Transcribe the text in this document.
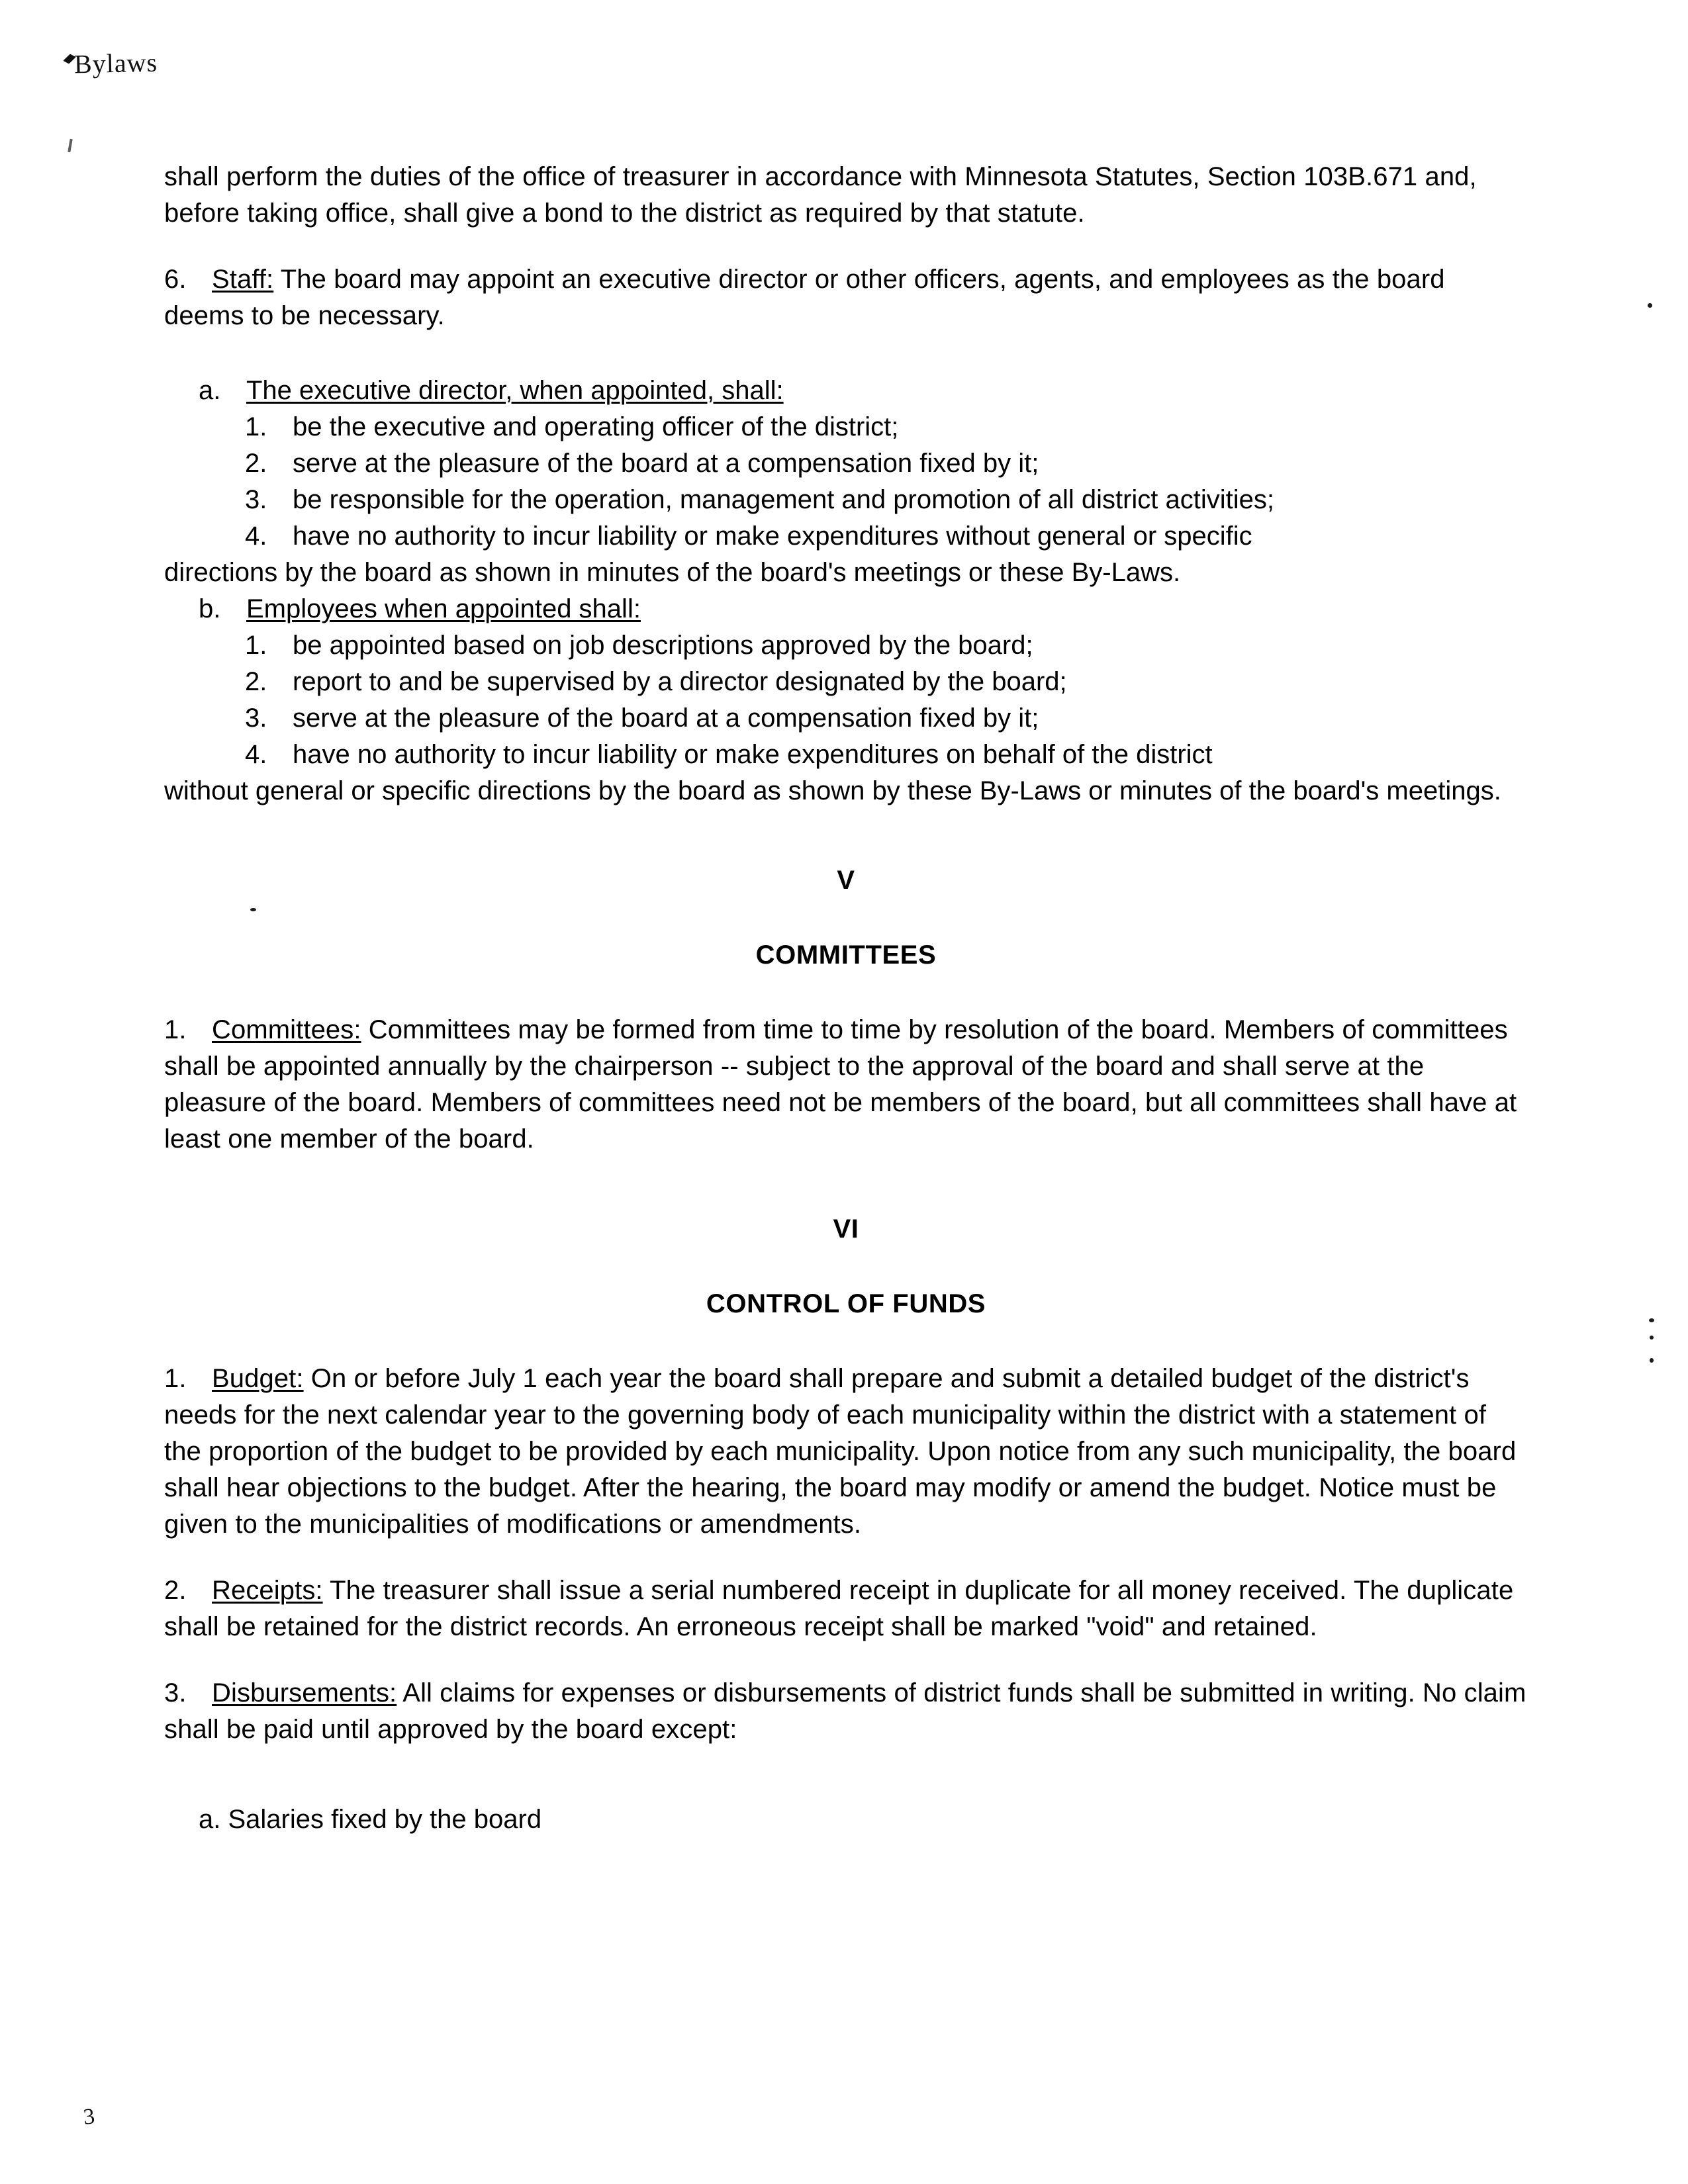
Bylaws

shall perform the duties of the office of treasurer in accordance with Minnesota Statutes, Section 103B.671 and, before taking office, shall give a bond to the district as required by that statute.

6. Staff: The board may appoint an executive director or other officers, agents, and employees as the board deems to be necessary.

a. The executive director, when appointed, shall:

1. be the executive and operating officer of the district;

2. serve at the pleasure of the board at a compensation fixed by it;

3. be responsible for the operation, management and promotion of all district activities;

4. have no authority to incur liability or make expenditures without general or specific

directions by the board as shown in minutes of the board's meetings or these By-Laws.

b. Employees when appointed shall:

1. be appointed based on job descriptions approved by the board;

2. report to and be supervised by a director designated by the board;

3. serve at the pleasure of the board at a compensation fixed by it;

4. have no authority to incur liability or make expenditures on behalf of the district

without general or specific directions by the board as shown by these By-Laws or minutes of the board's meetings.

V

COMMITTEES

1. Committees: Committees may be formed from time to time by resolution of the board. Members of committees shall be appointed annually by the chairperson -- subject to the approval of the board and shall serve at the pleasure of the board. Members of committees need not be members of the board, but all committees shall have at least one member of the board.

VI

CONTROL OF FUNDS

1. Budget: On or before July 1 each year the board shall prepare and submit a detailed budget of the district's needs for the next calendar year to the governing body of each municipality within the district with a statement of the proportion of the budget to be provided by each municipality. Upon notice from any such municipality, the board shall hear objections to the budget. After the hearing, the board may modify or amend the budget. Notice must be given to the municipalities of modifications or amendments.

2. Receipts: The treasurer shall issue a serial numbered receipt in duplicate for all money received. The duplicate shall be retained for the district records. An erroneous receipt shall be marked "void" and retained.

3. Disbursements: All claims for expenses or disbursements of district funds shall be submitted in writing. No claim shall be paid until approved by the board except:

a. Salaries fixed by the board

3
